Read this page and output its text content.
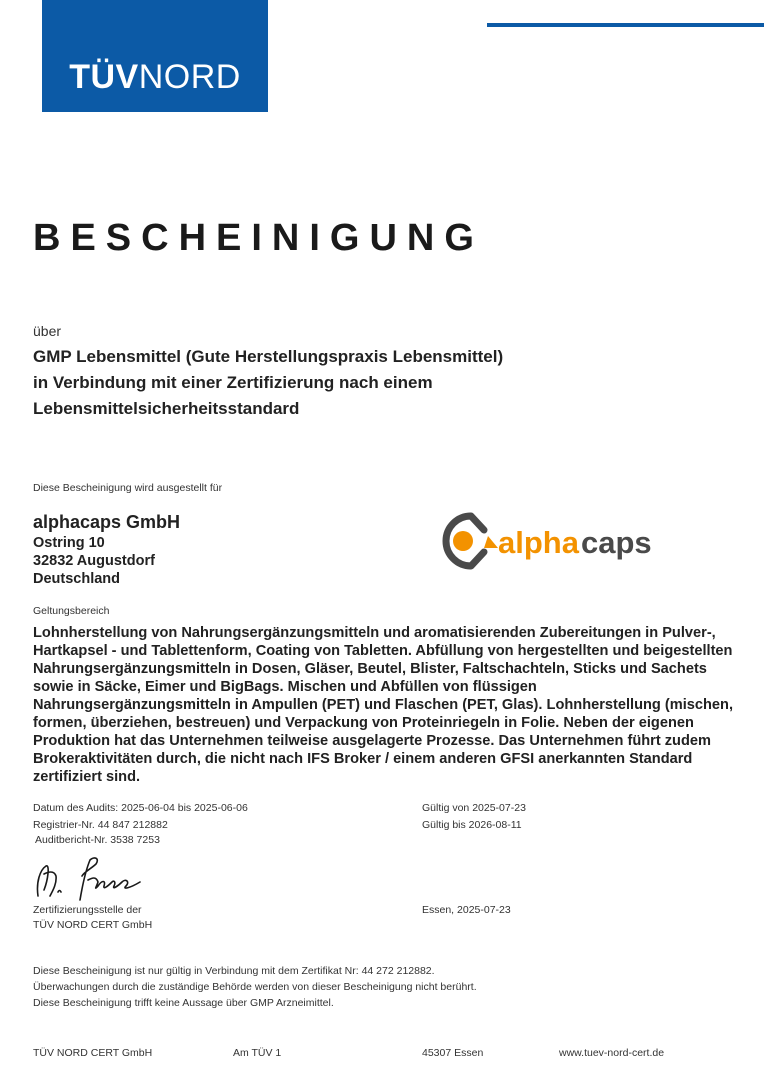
TÜVNORD
BESCHEINIGUNG
über
GMP Lebensmittel (Gute Herstellungspraxis Lebensmittel)
in Verbindung mit einer Zertifizierung nach einem
Lebensmittelsicherheitsstandard
Diese Bescheinigung wird ausgestellt für
alphacaps GmbH
Ostring 10
32832 Augustdorf
Deutschland
alpha caps
Geltungsbereich
Lohnherstellung von Nahrungsergänzungsmitteln und aromatisierenden Zubereitungen in Pulver-, Hartkapsel - und Tablettenform, Coating von Tabletten. Abfüllung von hergestellten und beigestellten Nahrungsergänzungsmitteln in Dosen, Gläser, Beutel, Blister, Faltschachteln, Sticks und Sachets sowie in Säcke, Eimer und BigBags. Mischen und Abfüllen von flüssigen Nahrungsergänzungsmitteln in Ampullen (PET) und Flaschen (PET, Glas). Lohnherstellung (mischen, formen, überziehen, bestreuen) und Verpackung von Proteinriegeln in Folie. Neben der eigenen Produktion hat das Unternehmen teilweise ausgelagerte Prozesse. Das Unternehmen führt zudem Brokeraktivitäten durch, die nicht nach IFS Broker / einem anderen GFSI anerkannten Standard zertifiziert sind.
Datum des Audits: 2025-06-04 bis 2025-06-06
Registrier-Nr. 44 847 212882
Auditbericht-Nr. 3538 7253
Gültig von 2025-07-23
Gültig bis 2026-08-11
Zertifizierungsstelle der
TÜV NORD CERT GmbH
Essen, 2025-07-23
Diese Bescheinigung ist nur gültig in Verbindung mit dem Zertifikat Nr: 44 272 212882.
Überwachungen durch die zuständige Behörde werden von dieser Bescheinigung nicht berührt.
Diese Bescheinigung trifft keine Aussage über GMP Arzneimittel.
TÜV NORD CERT GmbH	Am TÜV 1	45307 Essen	www.tuev-nord-cert.de
